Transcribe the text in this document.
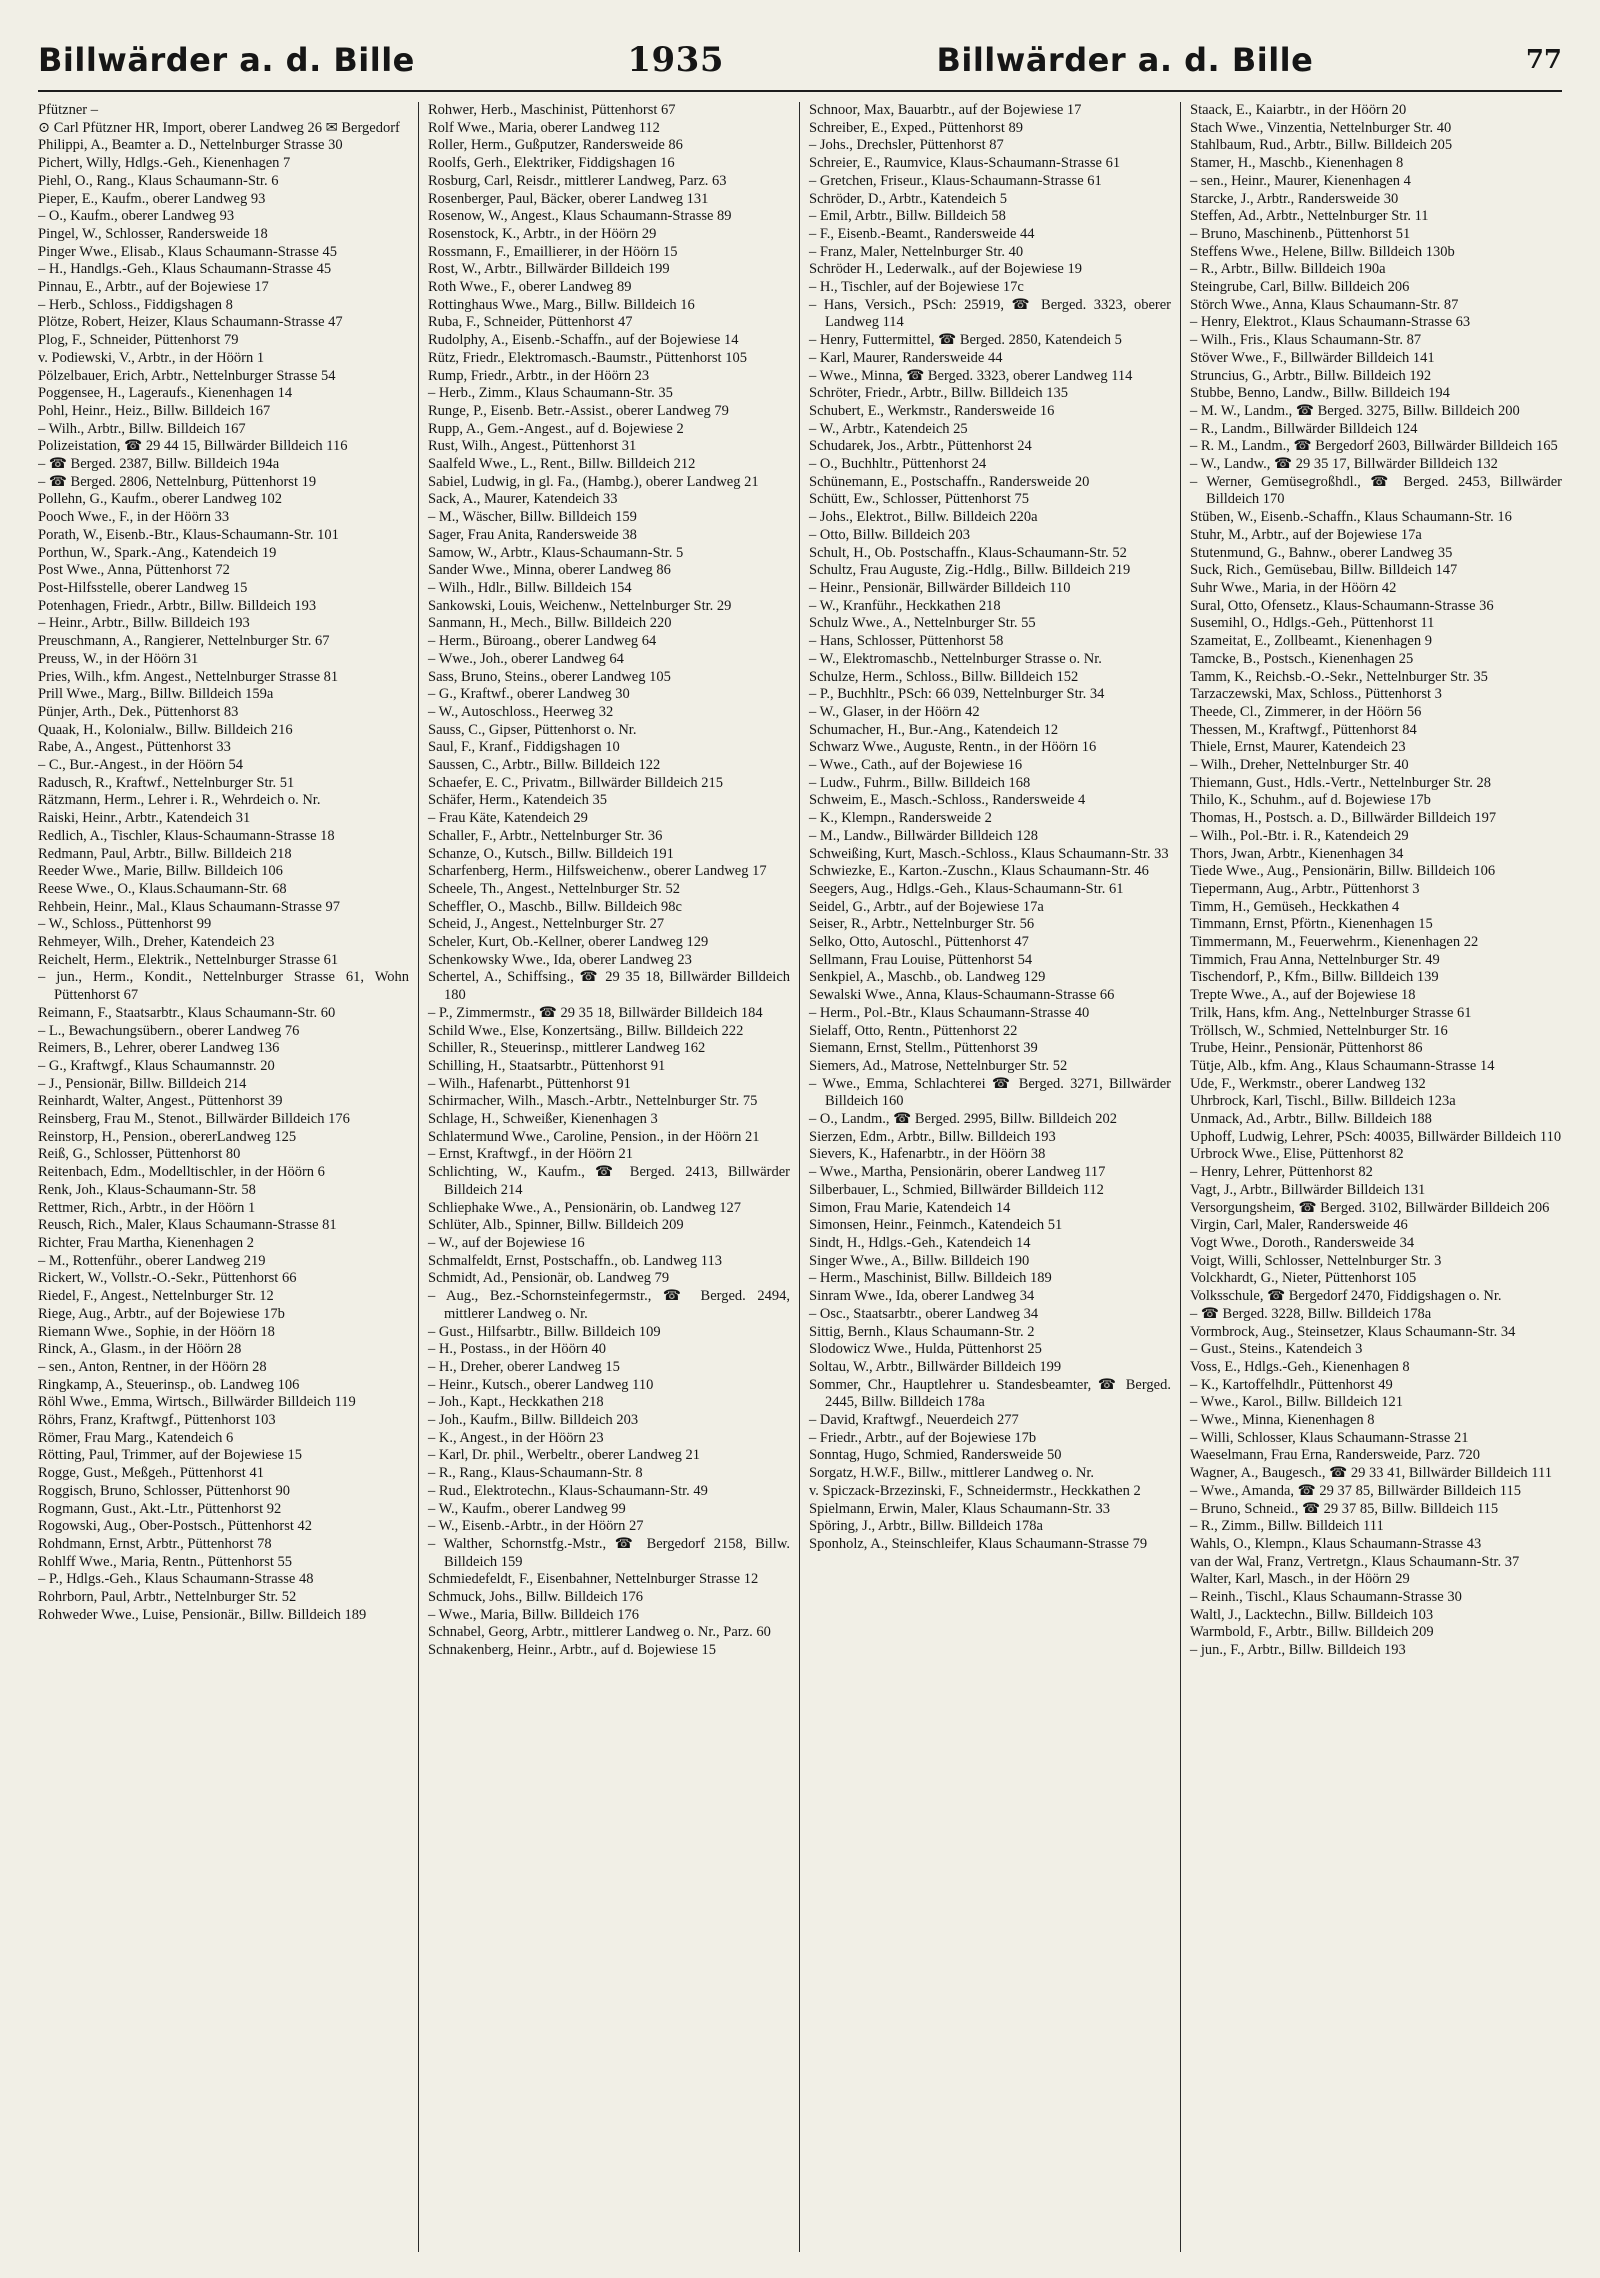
Billwärder a. d. Bille	1935	Billwärder a. d. Bille	77

Pfützner –

⊙ Carl Pfützner HR, Import, oberer Landweg 26 ✉ Bergedorf

Philippi, A., Beamter a. D., Nettelnburger Strasse 30

Pichert, Willy, Hdlgs.-Geh., Kienenhagen 7

Piehl, O., Rang., Klaus Schaumann-Str. 6

Pieper, E., Kaufm., oberer Landweg 93

– O., Kaufm., oberer Landweg 93

Pingel, W., Schlosser, Randersweide 18

Pinger Wwe., Elisab., Klaus Schaumann-Strasse 45

– H., Handlgs.-Geh., Klaus Schaumann-Strasse 45

Pinnau, E., Arbtr., auf der Bojewiese 17

– Herb., Schloss., Fiddigshagen 8

Plötze, Robert, Heizer, Klaus Schaumann-Strasse 47

Plog, F., Schneider, Püttenhorst 79

v. Podiewski, V., Arbtr., in der Höörn 1

Pölzelbauer, Erich, Arbtr., Nettelnburger Strasse 54

Poggensee, H., Lageraufs., Kienenhagen 14

Pohl, Heinr., Heiz., Billw. Billdeich 167

– Wilh., Arbtr., Billw. Billdeich 167

Polizeistation, ☎ 29 44 15, Billwärder Billdeich 116

– ☎ Berged. 2387, Billw. Billdeich 194a

– ☎ Berged. 2806, Nettelnburg, Püttenhorst 19

Pollehn, G., Kaufm., oberer Landweg 102

Pooch Wwe., F., in der Höörn 33

Porath, W., Eisenb.-Btr., Klaus-Schaumann-Str. 101

Porthun, W., Spark.-Ang., Katendeich 19

Post Wwe., Anna, Püttenhorst 72

Post-Hilfsstelle, oberer Landweg 15

Potenhagen, Friedr., Arbtr., Billw. Billdeich 193

– Heinr., Arbtr., Billw. Billdeich 193

Preuschmann, A., Rangierer, Nettelnburger Str. 67

Preuss, W., in der Höörn 31

Pries, Wilh., kfm. Angest., Nettelnburger Strasse 81

Prill Wwe., Marg., Billw. Billdeich 159a

Pünjer, Arth., Dek., Püttenhorst 83

Quaak, H., Kolonialw., Billw. Billdeich 216

Rabe, A., Angest., Püttenhorst 33

– C., Bur.-Angest., in der Höörn 54

Radusch, R., Kraftwf., Nettelnburger Str. 51

Rätzmann, Herm., Lehrer i. R., Wehrdeich o. Nr.

Raiski, Heinr., Arbtr., Katendeich 31

Redlich, A., Tischler, Klaus-Schaumann-Strasse 18

Redmann, Paul, Arbtr., Billw. Billdeich 218

Reeder Wwe., Marie, Billw. Billdeich 106

Reese Wwe., O., Klaus.Schaumann-Str. 68

Rehbein, Heinr., Mal., Klaus Schaumann-Strasse 97

– W., Schloss., Püttenhorst 99

Rehmeyer, Wilh., Dreher, Katendeich 23

Reichelt, Herm., Elektrik., Nettelnburger Strasse 61

– jun., Herm., Kondit., Nettelnburger Strasse 61, Wohn Püttenhorst 67

Reimann, F., Staatsarbtr., Klaus Schaumann-Str. 60

– L., Bewachungsübern., oberer Landweg 76

Reimers, B., Lehrer, oberer Landweg 136

– G., Kraftwgf., Klaus Schaumannstr. 20

– J., Pensionär, Billw. Billdeich 214

Reinhardt, Walter, Angest., Püttenhorst 39

Reinsberg, Frau M., Stenot., Billwärder Billdeich 176

Reinstorp, H., Pension., obererLandweg 125

Reiß, G., Schlosser, Püttenhorst 80

Reitenbach, Edm., Modelltischler, in der Höörn 6

Renk, Joh., Klaus-Schaumann-Str. 58

Rettmer, Rich., Arbtr., in der Höörn 1

Reusch, Rich., Maler, Klaus Schaumann-Strasse 81

Richter, Frau Martha, Kienenhagen 2

– M., Rottenführ., oberer Landweg 219

Rickert, W., Vollstr.-O.-Sekr., Püttenhorst 66

Riedel, F., Angest., Nettelnburger Str. 12

Riege, Aug., Arbtr., auf der Bojewiese 17b

Riemann Wwe., Sophie, in der Höörn 18

Rinck, A., Glasm., in der Höörn 28

– sen., Anton, Rentner, in der Höörn 28

Ringkamp, A., Steuerinsp., ob. Landweg 106

Röhl Wwe., Emma, Wirtsch., Billwärder Billdeich 119

Röhrs, Franz, Kraftwgf., Püttenhorst 103

Römer, Frau Marg., Katendeich 6

Rötting, Paul, Trimmer, auf der Bojewiese 15

Rogge, Gust., Meßgeh., Püttenhorst 41

Roggisch, Bruno, Schlosser, Püttenhorst 90

Rogmann, Gust., Akt.-Ltr., Püttenhorst 92

Rogowski, Aug., Ober-Postsch., Püttenhorst 42

Rohdmann, Ernst, Arbtr., Püttenhorst 78

Rohlff Wwe., Maria, Rentn., Püttenhorst 55

– P., Hdlgs.-Geh., Klaus Schaumann-Strasse 48

Rohrborn, Paul, Arbtr., Nettelnburger Str. 52

Rohweder Wwe., Luise, Pensionär., Billw. Billdeich 189

Rohwer, Herb., Maschinist, Püttenhorst 67

Rolf Wwe., Maria, oberer Landweg 112

Roller, Herm., Gußputzer, Randersweide 86

Roolfs, Gerh., Elektriker, Fiddigshagen 16

Rosburg, Carl, Reisdr., mittlerer Landweg, Parz. 63

Rosenberger, Paul, Bäcker, oberer Landweg 131

Rosenow, W., Angest., Klaus Schaumann-Strasse 89

Rosenstock, K., Arbtr., in der Höörn 29

Rossmann, F., Emaillierer, in der Höörn 15

Rost, W., Arbtr., Billwärder Billdeich 199

Roth Wwe., F., oberer Landweg 89

Rottinghaus Wwe., Marg., Billw. Billdeich 16

Ruba, F., Schneider, Püttenhorst 47

Rudolphy, A., Eisenb.-Schaffn., auf der Bojewiese 14

Rütz, Friedr., Elektromasch.-Baumstr., Püttenhorst 105

Rump, Friedr., Arbtr., in der Höörn 23

– Herb., Zimm., Klaus Schaumann-Str. 35

Runge, P., Eisenb. Betr.-Assist., oberer Landweg 79

Rupp, A., Gem.-Angest., auf d. Bojewiese 2

Rust, Wilh., Angest., Püttenhorst 31

Saalfeld Wwe., L., Rent., Billw. Billdeich 212

Sabiel, Ludwig, in gl. Fa., (Hambg.), oberer Landweg 21

Sack, A., Maurer, Katendeich 33

– M., Wäscher, Billw. Billdeich 159

Sager, Frau Anita, Randersweide 38

Samow, W., Arbtr., Klaus-Schaumann-Str. 5

Sander Wwe., Minna, oberer Landweg 86

– Wilh., Hdlr., Billw. Billdeich 154

Sankowski, Louis, Weichenw., Nettelnburger Str. 29

Sanmann, H., Mech., Billw. Billdeich 220

– Herm., Büroang., oberer Landweg 64

– Wwe., Joh., oberer Landweg 64

Sass, Bruno, Steins., oberer Landweg 105

– G., Kraftwf., oberer Landweg 30

– W., Autoschloss., Heerweg 32

Sauss, C., Gipser, Püttenhorst o. Nr.

Saul, F., Kranf., Fiddigshagen 10

Saussen, C., Arbtr., Billw. Billdeich 122

Schaefer, E. C., Privatm., Billwärder Billdeich 215

Schäfer, Herm., Katendeich 35

– Frau Käte, Katendeich 29

Schaller, F., Arbtr., Nettelnburger Str. 36

Schanze, O., Kutsch., Billw. Billdeich 191

Scharfenberg, Herm., Hilfsweichenw., oberer Landweg 17

Scheele, Th., Angest., Nettelnburger Str. 52

Scheffler, O., Maschb., Billw. Billdeich 98c

Scheid, J., Angest., Nettelnburger Str. 27

Scheler, Kurt, Ob.-Kellner, oberer Landweg 129

Schenkowsky Wwe., Ida, oberer Landweg 23

Schertel, A., Schiffsing., ☎ 29 35 18, Billwärder Billdeich 180

– P., Zimmermstr., ☎ 29 35 18, Billwärder Billdeich 184

Schild Wwe., Else, Konzertsäng., Billw. Billdeich 222

Schiller, R., Steuerinsp., mittlerer Landweg 162

Schilling, H., Staatsarbtr., Püttenhorst 91

– Wilh., Hafenarbt., Püttenhorst 91

Schirmacher, Wilh., Masch.-Arbtr., Nettelnburger Str. 75

Schlage, H., Schweißer, Kienenhagen 3

Schlatermund Wwe., Caroline, Pension., in der Höörn 21

– Ernst, Kraftwgf., in der Höörn 21

Schlichting, W., Kaufm., ☎ Berged. 2413, Billwärder Billdeich 214

Schliephake Wwe., A., Pensionärin, ob. Landweg 127

Schlüter, Alb., Spinner, Billw. Billdeich 209

– W., auf der Bojewiese 16

Schmalfeldt, Ernst, Postschaffn., ob. Landweg 113

Schmidt, Ad., Pensionär, ob. Landweg 79

– Aug., Bez.-Schornsteinfegermstr., ☎ Berged. 2494, mittlerer Landweg o. Nr.

– Gust., Hilfsarbtr., Billw. Billdeich 109

– H., Postass., in der Höörn 40

– H., Dreher, oberer Landweg 15

– Heinr., Kutsch., oberer Landweg 110

– Joh., Kapt., Heckkathen 218

– Joh., Kaufm., Billw. Billdeich 203

– K., Angest., in der Höörn 23

– Karl, Dr. phil., Werbeltr., oberer Landweg 21

– R., Rang., Klaus-Schaumann-Str. 8

– Rud., Elektrotechn., Klaus-Schaumann-Str. 49

– W., Kaufm., oberer Landweg 99

– W., Eisenb.-Arbtr., in der Höörn 27

– Walther, Schornstfg.-Mstr., ☎ Bergedorf 2158, Billw. Billdeich 159

Schmiedefeldt, F., Eisenbahner, Nettelnburger Strasse 12

Schmuck, Johs., Billw. Billdeich 176

– Wwe., Maria, Billw. Billdeich 176

Schnabel, Georg, Arbtr., mittlerer Landweg o. Nr., Parz. 60

Schnakenberg, Heinr., Arbtr., auf d. Bojewiese 15

Schnoor, Max, Bauarbtr., auf der Bojewiese 17

Schreiber, E., Exped., Püttenhorst 89

– Johs., Drechsler, Püttenhorst 87

Schreier, E., Raumvice, Klaus-Schaumann-Strasse 61

– Gretchen, Friseur., Klaus-Schaumann-Strasse 61

Schröder, D., Arbtr., Katendeich 5

– Emil, Arbtr., Billw. Billdeich 58

– F., Eisenb.-Beamt., Randersweide 44

– Franz, Maler, Nettelnburger Str. 40

Schröder H., Lederwalk., auf der Bojewiese 19

– H., Tischler, auf der Bojewiese 17c

– Hans, Versich., PSch: 25919, ☎ Berged. 3323, oberer Landweg 114

– Henry, Futtermittel, ☎ Berged. 2850, Katendeich 5

– Karl, Maurer, Randersweide 44

– Wwe., Minna, ☎ Berged. 3323, oberer Landweg 114

Schröter, Friedr., Arbtr., Billw. Billdeich 135

Schubert, E., Werkmstr., Randersweide 16

– W., Arbtr., Katendeich 25

Schudarek, Jos., Arbtr., Püttenhorst 24

– O., Buchhltr., Püttenhorst 24

Schünemann, E., Postschaffn., Randersweide 20

Schütt, Ew., Schlosser, Püttenhorst 75

– Johs., Elektrot., Billw. Billdeich 220a

– Otto, Billw. Billdeich 203

Schult, H., Ob. Postschaffn., Klaus-Schaumann-Str. 52

Schultz, Frau Auguste, Zig.-Hdlg., Billw. Billdeich 219

– Heinr., Pensionär, Billwärder Billdeich 110

– W., Kranführ., Heckkathen 218

Schulz Wwe., A., Nettelnburger Str. 55

– Hans, Schlosser, Püttenhorst 58

– W., Elektromaschb., Nettelnburger Strasse o. Nr.

Schulze, Herm., Schloss., Billw. Billdeich 152

– P., Buchhltr., PSch: 66 039, Nettelnburger Str. 34

– W., Glaser, in der Höörn 42

Schumacher, H., Bur.-Ang., Katendeich 12

Schwarz Wwe., Auguste, Rentn., in der Höörn 16

– Wwe., Cath., auf der Bojewiese 16

– Ludw., Fuhrm., Billw. Billdeich 168

Schweim, E., Masch.-Schloss., Randersweide 4

– K., Klempn., Randersweide 2

– M., Landw., Billwärder Billdeich 128

Schweißing, Kurt, Masch.-Schloss., Klaus Schaumann-Str. 33

Schwiezke, E., Karton.-Zuschn., Klaus Schaumann-Str. 46

Seegers, Aug., Hdlgs.-Geh., Klaus-Schaumann-Str. 61

Seidel, G., Arbtr., auf der Bojewiese 17a

Seiser, R., Arbtr., Nettelnburger Str. 56

Selko, Otto, Autoschl., Püttenhorst 47

Sellmann, Frau Louise, Püttenhorst 54

Senkpiel, A., Maschb., ob. Landweg 129

Sewalski Wwe., Anna, Klaus-Schaumann-Strasse 66

– Herm., Pol.-Btr., Klaus Schaumann-Strasse 40

Sielaff, Otto, Rentn., Püttenhorst 22

Siemann, Ernst, Stellm., Püttenhorst 39

Siemers, Ad., Matrose, Nettelnburger Str. 52

– Wwe., Emma, Schlachterei ☎ Berged. 3271, Billwärder Billdeich 160

– O., Landm., ☎ Berged. 2995, Billw. Billdeich 202

Sierzen, Edm., Arbtr., Billw. Billdeich 193

Sievers, K., Hafenarbtr., in der Höörn 38

– Wwe., Martha, Pensionärin, oberer Landweg 117

Silberbauer, L., Schmied, Billwärder Billdeich 112

Simon, Frau Marie, Katendeich 14

Simonsen, Heinr., Feinmch., Katendeich 51

Sindt, H., Hdlgs.-Geh., Katendeich 14

Singer Wwe., A., Billw. Billdeich 190

– Herm., Maschinist, Billw. Billdeich 189

Sinram Wwe., Ida, oberer Landweg 34

– Osc., Staatsarbtr., oberer Landweg 34

Sittig, Bernh., Klaus Schaumann-Str. 2

Slodowicz Wwe., Hulda, Püttenhorst 25

Soltau, W., Arbtr., Billwärder Billdeich 199

Sommer, Chr., Hauptlehrer u. Standesbeamter, ☎ Berged. 2445, Billw. Billdeich 178a

– David, Kraftwgf., Neuerdeich 277

– Friedr., Arbtr., auf der Bojewiese 17b

Sonntag, Hugo, Schmied, Randersweide 50

Sorgatz, H.W.F., Billw., mittlerer Landweg o. Nr.

v. Spiczack-Brzezinski, F., Schneidermstr., Heckkathen 2

Spielmann, Erwin, Maler, Klaus Schaumann-Str. 33

Spöring, J., Arbtr., Billw. Billdeich 178a

Sponholz, A., Steinschleifer, Klaus Schaumann-Strasse 79

Staack, E., Kaiarbtr., in der Höörn 20

Stach Wwe., Vinzentia, Nettelnburger Str. 40

Stahlbaum, Rud., Arbtr., Billw. Billdeich 205

Stamer, H., Maschb., Kienenhagen 8

– sen., Heinr., Maurer, Kienenhagen 4

Starcke, J., Arbtr., Randersweide 30

Steffen, Ad., Arbtr., Nettelnburger Str. 11

– Bruno, Maschinenb., Püttenhorst 51

Steffens Wwe., Helene, Billw. Billdeich 130b

– R., Arbtr., Billw. Billdeich 190a

Steingrube, Carl, Billw. Billdeich 206

Störch Wwe., Anna, Klaus Schaumann-Str. 87

– Henry, Elektrot., Klaus Schaumann-Strasse 63

– Wilh., Fris., Klaus Schaumann-Str. 87

Stöver Wwe., F., Billwärder Billdeich 141

Struncius, G., Arbtr., Billw. Billdeich 192

Stubbe, Benno, Landw., Billw. Billdeich 194

– M. W., Landm., ☎ Berged. 3275, Billw. Billdeich 200

– R., Landm., Billwärder Billdeich 124

– R. M., Landm., ☎ Bergedorf 2603, Billwärder Billdeich 165

– W., Landw., ☎ 29 35 17, Billwärder Billdeich 132

– Werner, Gemüsegroßhdl., ☎ Berged. 2453, Billwärder Billdeich 170

Stüben, W., Eisenb.-Schaffn., Klaus Schaumann-Str. 16

Stuhr, M., Arbtr., auf der Bojewiese 17a

Stutenmund, G., Bahnw., oberer Landweg 35

Suck, Rich., Gemüsebau, Billw. Billdeich 147

Suhr Wwe., Maria, in der Höörn 42

Sural, Otto, Ofensetz., Klaus-Schaumann-Strasse 36

Susemihl, O., Hdlgs.-Geh., Püttenhorst 11

Szameitat, E., Zollbeamt., Kienenhagen 9

Tamcke, B., Postsch., Kienenhagen 25

Tamm, K., Reichsb.-O.-Sekr., Nettelnburger Str. 35

Tarzaczewski, Max, Schloss., Püttenhorst 3

Theede, Cl., Zimmerer, in der Höörn 56

Thessen, M., Kraftwgf., Püttenhorst 84

Thiele, Ernst, Maurer, Katendeich 23

– Wilh., Dreher, Nettelnburger Str. 40

Thiemann, Gust., Hdls.-Vertr., Nettelnburger Str. 28

Thilo, K., Schuhm., auf d. Bojewiese 17b

Thomas, H., Postsch. a. D., Billwärder Billdeich 197

– Wilh., Pol.-Btr. i. R., Katendeich 29

Thors, Jwan, Arbtr., Kienenhagen 34

Tiede Wwe., Aug., Pensionärin, Billw. Billdeich 106

Tiepermann, Aug., Arbtr., Püttenhorst 3

Timm, H., Gemüseh., Heckkathen 4

Timmann, Ernst, Pförtn., Kienenhagen 15

Timmermann, M., Feuerwehrm., Kienenhagen 22

Timmich, Frau Anna, Nettelnburger Str. 49

Tischendorf, P., Kfm., Billw. Billdeich 139

Trepte Wwe., A., auf der Bojewiese 18

Trilk, Hans, kfm. Ang., Nettelnburger Strasse 61

Tröllsch, W., Schmied, Nettelnburger Str. 16

Trube, Heinr., Pensionär, Püttenhorst 86

Tütje, Alb., kfm. Ang., Klaus Schaumann-Strasse 14

Ude, F., Werkmstr., oberer Landweg 132

Uhrbrock, Karl, Tischl., Billw. Billdeich 123a

Unmack, Ad., Arbtr., Billw. Billdeich 188

Uphoff, Ludwig, Lehrer, PSch: 40035, Billwärder Billdeich 110

Urbrock Wwe., Elise, Püttenhorst 82

– Henry, Lehrer, Püttenhorst 82

Vagt, J., Arbtr., Billwärder Billdeich 131

Versorgungsheim, ☎ Berged. 3102, Billwärder Billdeich 206

Virgin, Carl, Maler, Randersweide 46

Vogt Wwe., Doroth., Randersweide 34

Voigt, Willi, Schlosser, Nettelnburger Str. 3

Volckhardt, G., Nieter, Püttenhorst 105

Volksschule, ☎ Bergedorf 2470, Fiddigshagen o. Nr.

– ☎ Berged. 3228, Billw. Billdeich 178a

Vormbrock, Aug., Steinsetzer, Klaus Schaumann-Str. 34

– Gust., Steins., Katendeich 3

Voss, E., Hdlgs.-Geh., Kienenhagen 8

– K., Kartoffelhdlr., Püttenhorst 49

– Wwe., Karol., Billw. Billdeich 121

– Wwe., Minna, Kienenhagen 8

– Willi, Schlosser, Klaus Schaumann-Strasse 21

Waeselmann, Frau Erna, Randersweide, Parz. 720

Wagner, A., Baugesch., ☎ 29 33 41, Billwärder Billdeich 111

– Wwe., Amanda, ☎ 29 37 85, Billwärder Billdeich 115

– Bruno, Schneid., ☎ 29 37 85, Billw. Billdeich 115

– R., Zimm., Billw. Billdeich 111

Wahls, O., Klempn., Klaus Schaumann-Strasse 43

van der Wal, Franz, Vertretgn., Klaus Schaumann-Str. 37

Walter, Karl, Masch., in der Höörn 29

– Reinh., Tischl., Klaus Schaumann-Strasse 30

Waltl, J., Lacktechn., Billw. Billdeich 103

Warmbold, F., Arbtr., Billw. Billdeich 209

– jun., F., Arbtr., Billw. Billdeich 193
